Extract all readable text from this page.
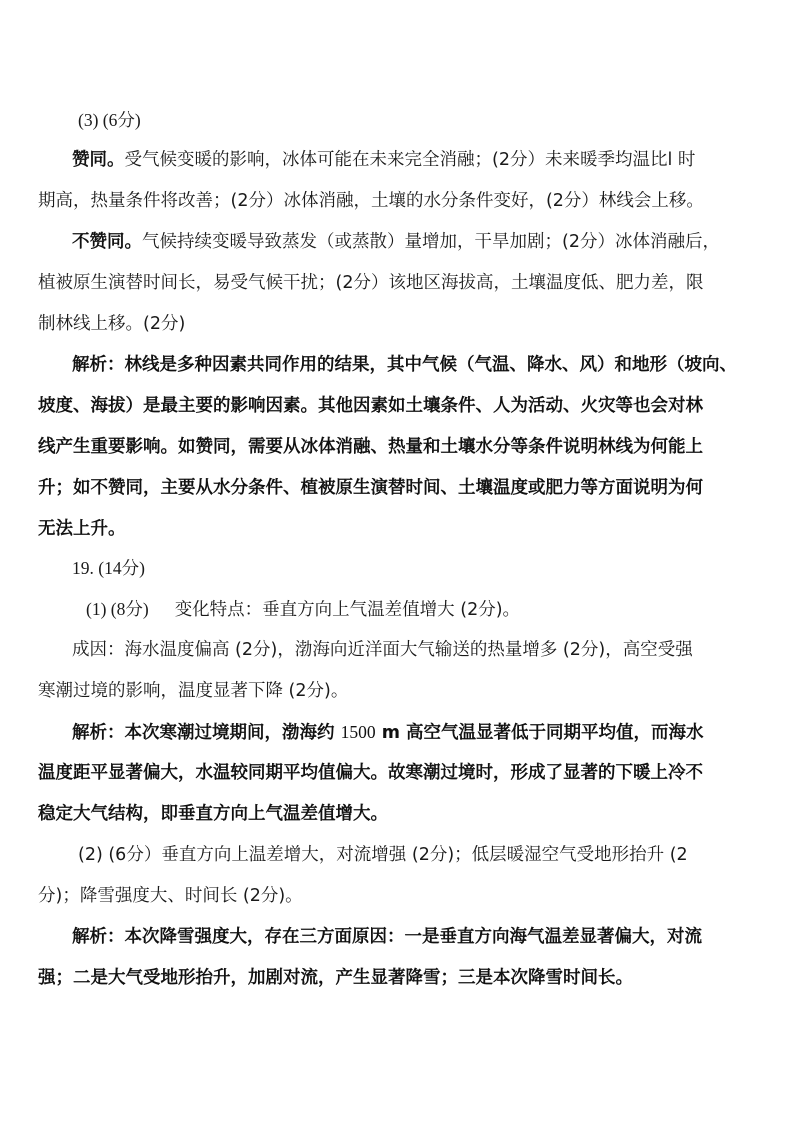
(3) (6分)
赞同。受气候变暖的影响，冰体可能在未来完全消融；(2分）未来暖季均温比l 时
期高，热量条件将改善；(2分）冰体消融，土壤的水分条件变好，(2分）林线会上移。
不赞同。气候持续变暖导致蒸发（或蒸散）量增加，干旱加剧；(2分）冰体消融后，
植被原生演替时间长，易受气候干扰；(2分）该地区海拔高，土壤温度低、肥力差，限
制林线上移。(2分)
解析：林线是多种因素共同作用的结果，其中气候（气温、降水、风）和地形（坡向、
坡度、海拔）是最主要的影响因素。其他因素如土壤条件、人为活动、火灾等也会对林
线产生重要影响。如赞同，需要从冰体消融、热量和土壤水分等条件说明林线为何能上
升；如不赞同，主要从水分条件、植被原生演替时间、土壤温度或肥力等方面说明为何
无法上升。
19. (14分)
(1) (8分) 变化特点：垂直方向上气温差值增大 (2分)。
成因：海水温度偏高 (2分)，渤海向近洋面大气输送的热量增多 (2分)，高空受强
寒潮过境的影响，温度显著下降 (2分)。
解析：本次寒潮过境期间，渤海约 1500 m 高空气温显著低于同期平均值，而海水
温度距平显著偏大，水温较同期平均值偏大。故寒潮过境时，形成了显著的下暖上冷不
稳定大气结构，即垂直方向上气温差值增大。
(2) (6分）垂直方向上温差增大，对流增强 (2分)；低层暖湿空气受地形抬升 (2
分)；降雪强度大、时间长 (2分)。
解析：本次降雪强度大，存在三方面原因：一是垂直方向海气温差显著偏大，对流
强；二是大气受地形抬升，加剧对流，产生显著降雪；三是本次降雪时间长。
